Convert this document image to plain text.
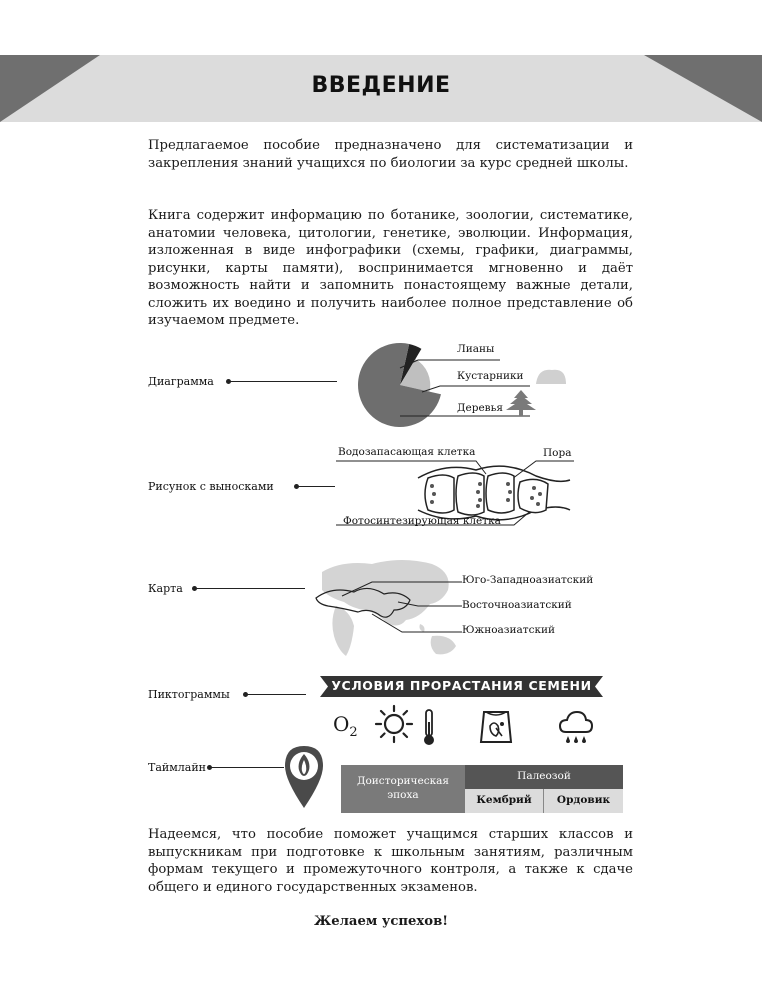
ВВЕДЕНИЕ

Предлагаемое пособие предназначено для систематизации и закрепления знаний учащихся по биологии за курс средней школы.

Книга содержит информацию по ботанике, зоологии, систематике, анатомии человека, цитологии, генетике, эволюции. Информация, изложенная в виде инфографики (схемы, графики, диаграммы, рисунки, карты памяти), воспринимается мгновенно и даёт возможность найти и запомнить понастоящему важные детали, сложить их воедино и получить наиболее полное представление об изучаемом предмете.

Диаграмма
Лианы
Кустарники
Деревья
Рисунок с выносками
Водозапасающая клетка	Пора
Фотосинтезирующая клетка
Карта
Юго-Западноазиатский
Восточноазиатский
Южноазиатский
Пиктограммы
УСЛОВИЯ ПРОРАСТАНИЯ СЕМЕНИ
$O_2$
Таймлайн
Доисторическая эпоха
Палеозой
Кембрий	Ордовик

Надеемся, что пособие поможет учащимся старших классов и выпускникам при подготовке к школьным занятиям, различным формам текущего и промежуточного контроля, а также к сдаче общего и единого государственных экзаменов.

Желаем успехов!
